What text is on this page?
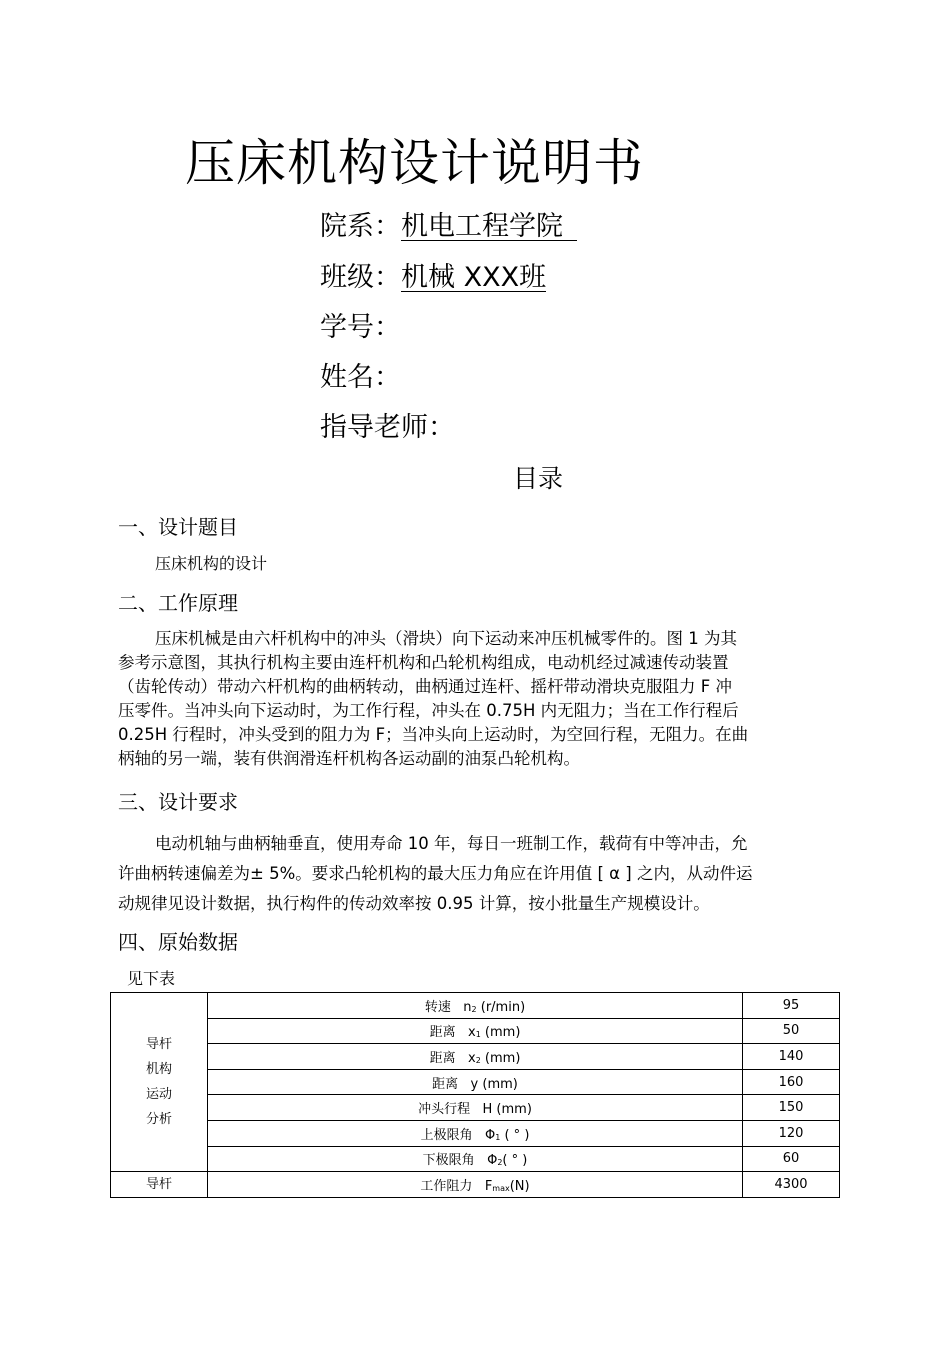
压床机构设计说明书
院系：机电工程学院
班级：机械 XXX班
学号：
姓名：
指导老师：
目录
一、设计题目
压床机构的设计
二、工作原理

压床机械是由六杆机构中的冲头（滑块）向下运动来冲压机械零件的。图 1 为其

参考示意图，其执行机构主要由连杆机构和凸轮机构组成，电动机经过减速传动装置

（齿轮传动）带动六杆机构的曲柄转动，曲柄通过连杆、摇杆带动滑块克服阻力 F 冲

压零件。当冲头向下运动时，为工作行程，冲头在 0.75H 内无阻力；当在工作行程后

0.25H 行程时，冲头受到的阻力为 F；当冲头向上运动时，为空回行程，无阻力。在曲

柄轴的另一端，装有供润滑连杆机构各运动副的油泵凸轮机构。

三、设计要求

电动机轴与曲柄轴垂直，使用寿命 10 年，每日一班制工作，载荷有中等冲击，允

许曲柄转速偏差为± 5%。要求凸轮机构的最大压力角应在许用值 [ α ] 之内，从动件运

动规律见设计数据，执行构件的传动效率按 0.95 计算，按小批量生产规模设计。

四、原始数据
见下表
导杆
机构
运动
分析	转速 $n_2$ (r/min)	95
	距离 $x_1$ (mm)	50
	距离 $x_2$ (mm)	140
	距离 y (mm)	160
	冲头行程 H (mm)	150
	上极限角 $\Phi_1$ ( ° )	120
	下极限角 $\Phi_2$( ° )	60
导杆	工作阻力 $F_{max}(N)$	4300
